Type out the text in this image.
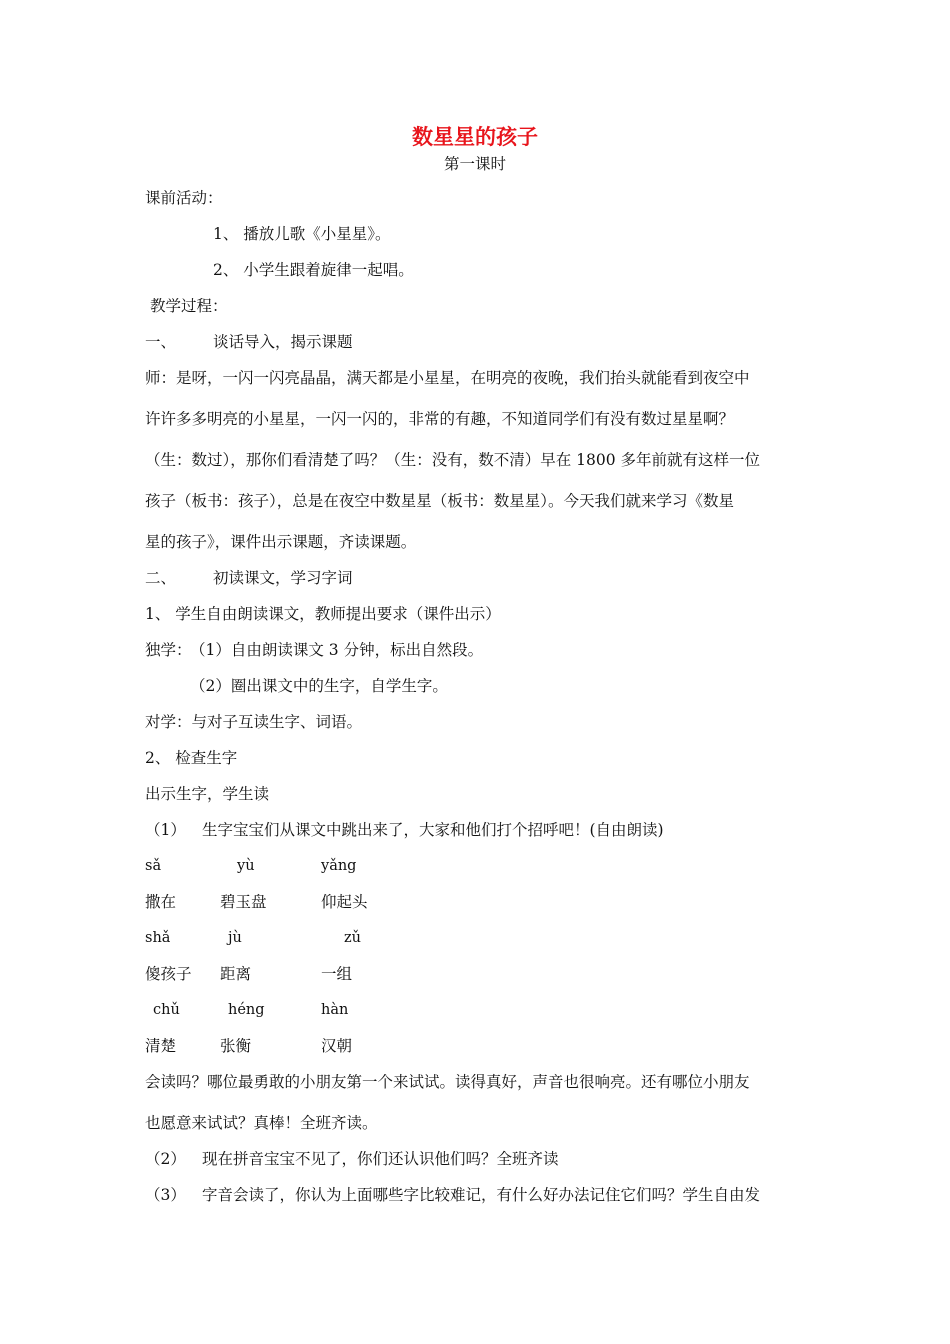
数星星的孩子
第一课时
课前活动：
1、 播放儿歌《小星星》。
2、 小学生跟着旋律一起唱。
教学过程：
一、 谈话导入，揭示课题
师：是呀，一闪一闪亮晶晶，满天都是小星星，在明亮的夜晚，我们抬头就能看到夜空中
许许多多明亮的小星星，一闪一闪的，非常的有趣，不知道同学们有没有数过星星啊？
（生：数过），那你们看清楚了吗？（生：没有，数不清）早在 1800 多年前就有这样一位
孩子（板书：孩子），总是在夜空中数星星（板书：数星星）。今天我们就来学习《数星
星的孩子》，课件出示课题，齐读课题。
二、 初读课文，学习字词
1、 学生自由朗读课文，教师提出要求（课件出示）
独学：
（1）自由朗读课文 3 分钟，标出自然段。
（2）圈出课文中的生字，自学生字。
对学：与对子互读生字、词语。
2、 检查生字
出示生字，学生读
（1） 生字宝宝们从课文中跳出来了，大家和他们打个招呼吧！(自由朗读)
sǎ	yù	yǎng
撒在	碧玉盘	仰起头
shǎ	jù	zǔ
傻孩子 距离	一组
chǔ	héng	hàn
清楚	张衡	汉朝
会读吗？哪位最勇敢的小朋友第一个来试试。读得真好，声音也很响亮。还有哪位小朋友
也愿意来试试？真棒！全班齐读。
（2） 现在拼音宝宝不见了，你们还认识他们吗？全班齐读
（3） 字音会读了，你认为上面哪些字比较难记，有什么好办法记住它们吗？学生自由发
